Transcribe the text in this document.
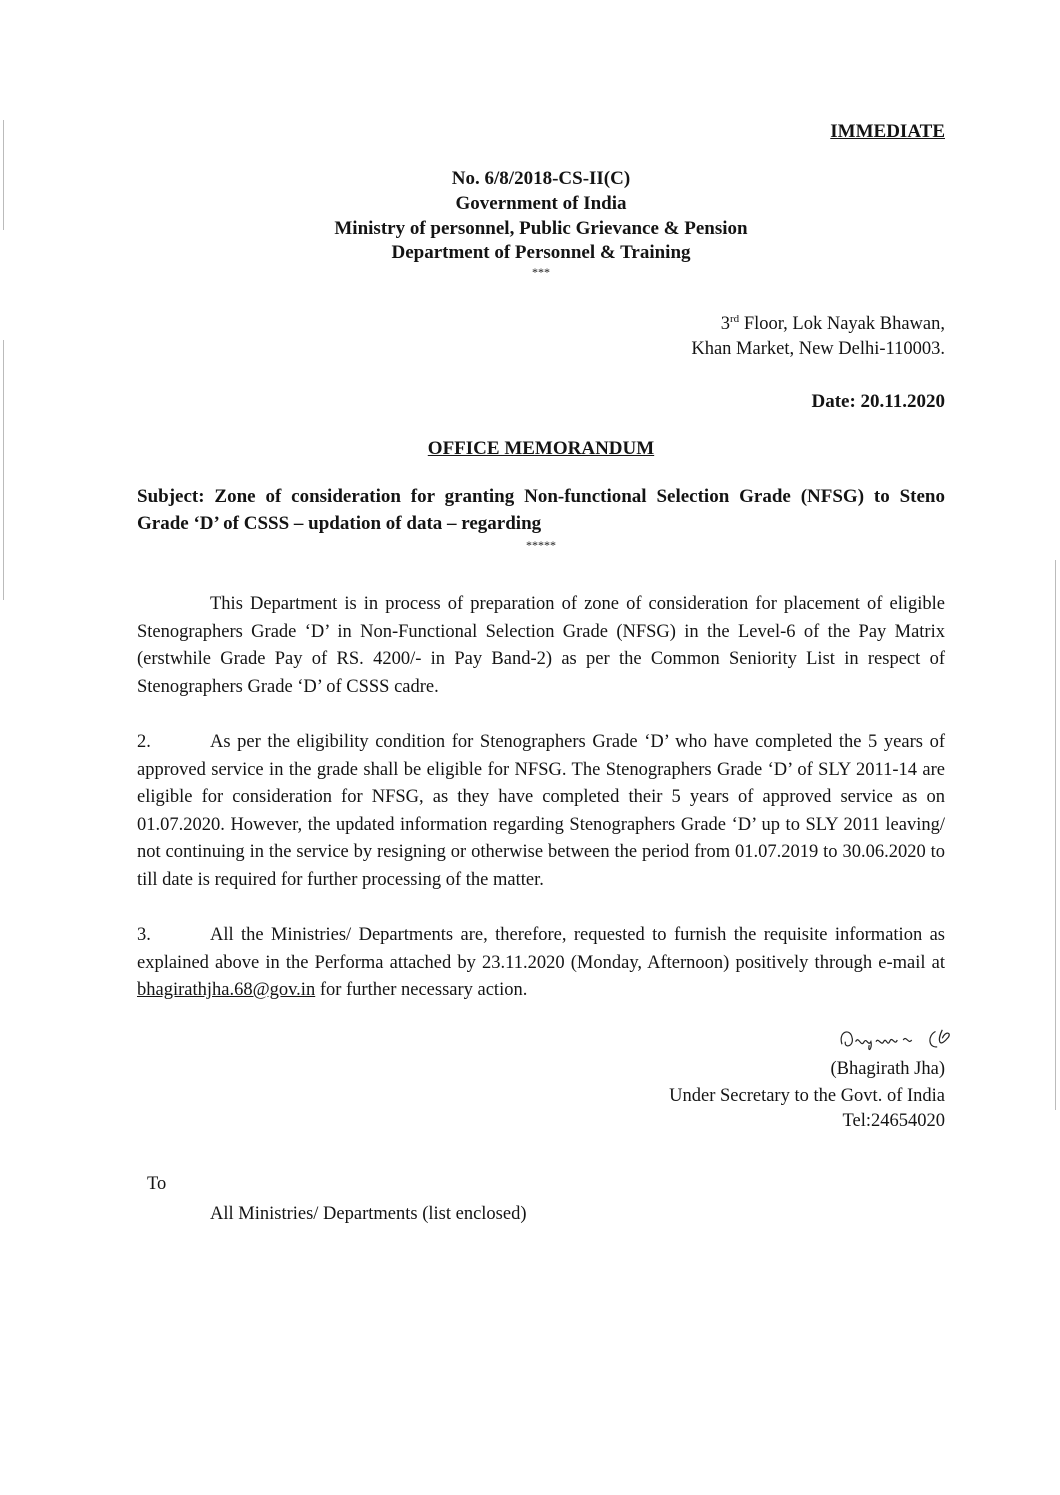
IMMEDIATE
No. 6/8/2018-CS-II(C)
Government of India
Ministry of personnel, Public Grievance & Pension
Department of Personnel & Training
***
3rd Floor, Lok Nayak Bhawan,
Khan Market, New Delhi-110003.
Date: 20.11.2020
OFFICE MEMORANDUM

Subject: Zone of consideration for granting Non-functional Selection Grade (NFSG) to Steno Grade ‘D’ of CSSS – updation of data – regarding

*****

This Department is in process of preparation of zone of consideration for placement of eligible Stenographers Grade ‘D’ in Non-Functional Selection Grade (NFSG) in the Level-6 of the Pay Matrix (erstwhile Grade Pay of RS. 4200/- in Pay Band-2) as per the Common Seniority List in respect of Stenographers Grade ‘D’ of CSSS cadre.

2.	As per the eligibility condition for Stenographers Grade ‘D’ who have completed the 5 years of approved service in the grade shall be eligible for NFSG. The Stenographers Grade ‘D’ of SLY 2011-14 are eligible for consideration for NFSG, as they have completed their 5 years of approved service as on 01.07.2020. However, the updated information regarding Stenographers Grade ‘D’ up to SLY 2011 leaving/ not continuing in the service by resigning or otherwise between the period from 01.07.2019 to 30.06.2020 to till date is required for further processing of the matter.

3.	All the Ministries/ Departments are, therefore, requested to furnish the requisite information as explained above in the Performa attached by 23.11.2020 (Monday, Afternoon) positively through e-mail at bhagirathjha.68@gov.in for further necessary action.

(Bhagirath Jha)
Under Secretary to the Govt. of India
Tel:24654020
To
All Ministries/ Departments (list enclosed)
